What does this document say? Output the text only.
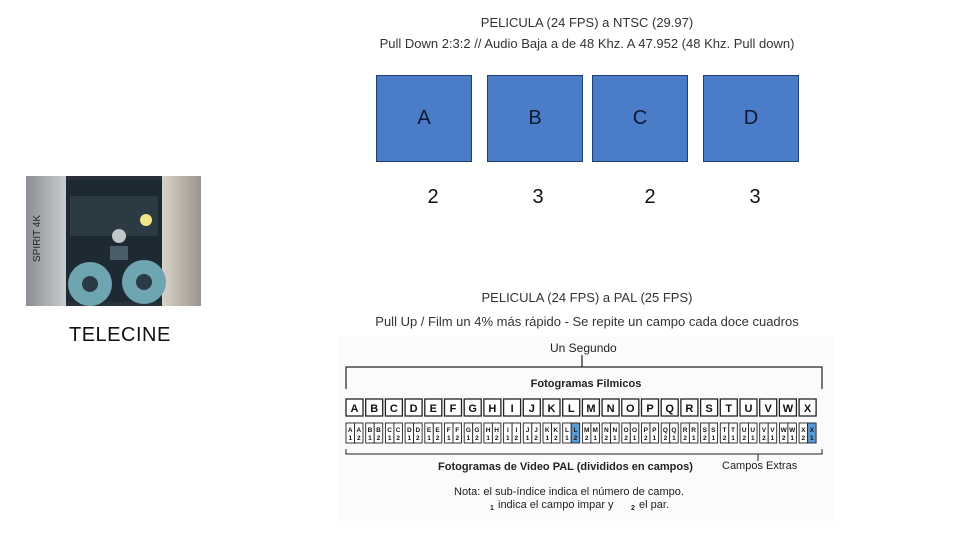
PELICULA (24 FPS) a NTSC (29.97)
Pull Down 2:3:2 // Audio Baja a de 48 Khz. A 47.952 (48 Khz. Pull down)
A	B	C	D
2	3	2	3
SPIRIT 4K
TELECINE
PELICULA (24 FPS) a PAL (25 FPS)
Pull Up / Film un 4% más rápido - Se repite un campo cada doce cuadros
Un Segundo
Fotogramas Filmicos
A B C D E F G H I J K L M N O P Q R S T U V W X
A
1
A
2
B
1
B
2
C
1
C
2
D
1
D
2
E
1
E
2
F
1
F
2
G
1
G
2
H
1
H
2
I
1
I
2
J
1
J
2
K
1
K
2
L
1
L
2
M
2
M
1
N
2
N
1
O
2
O
1
P
2
P
1
Q
2
Q
1
R
2
R
1
S
2
S
1
T
2
T
1
U
2
U
1
V
2
V
1
W
2
W
1
X
2
X
1
Fotogramas de Video PAL (divididos en campos)	Campos Extras
Nota: el sub-índice indica el número de campo.
1 indica el campo impar y 2 el par.
